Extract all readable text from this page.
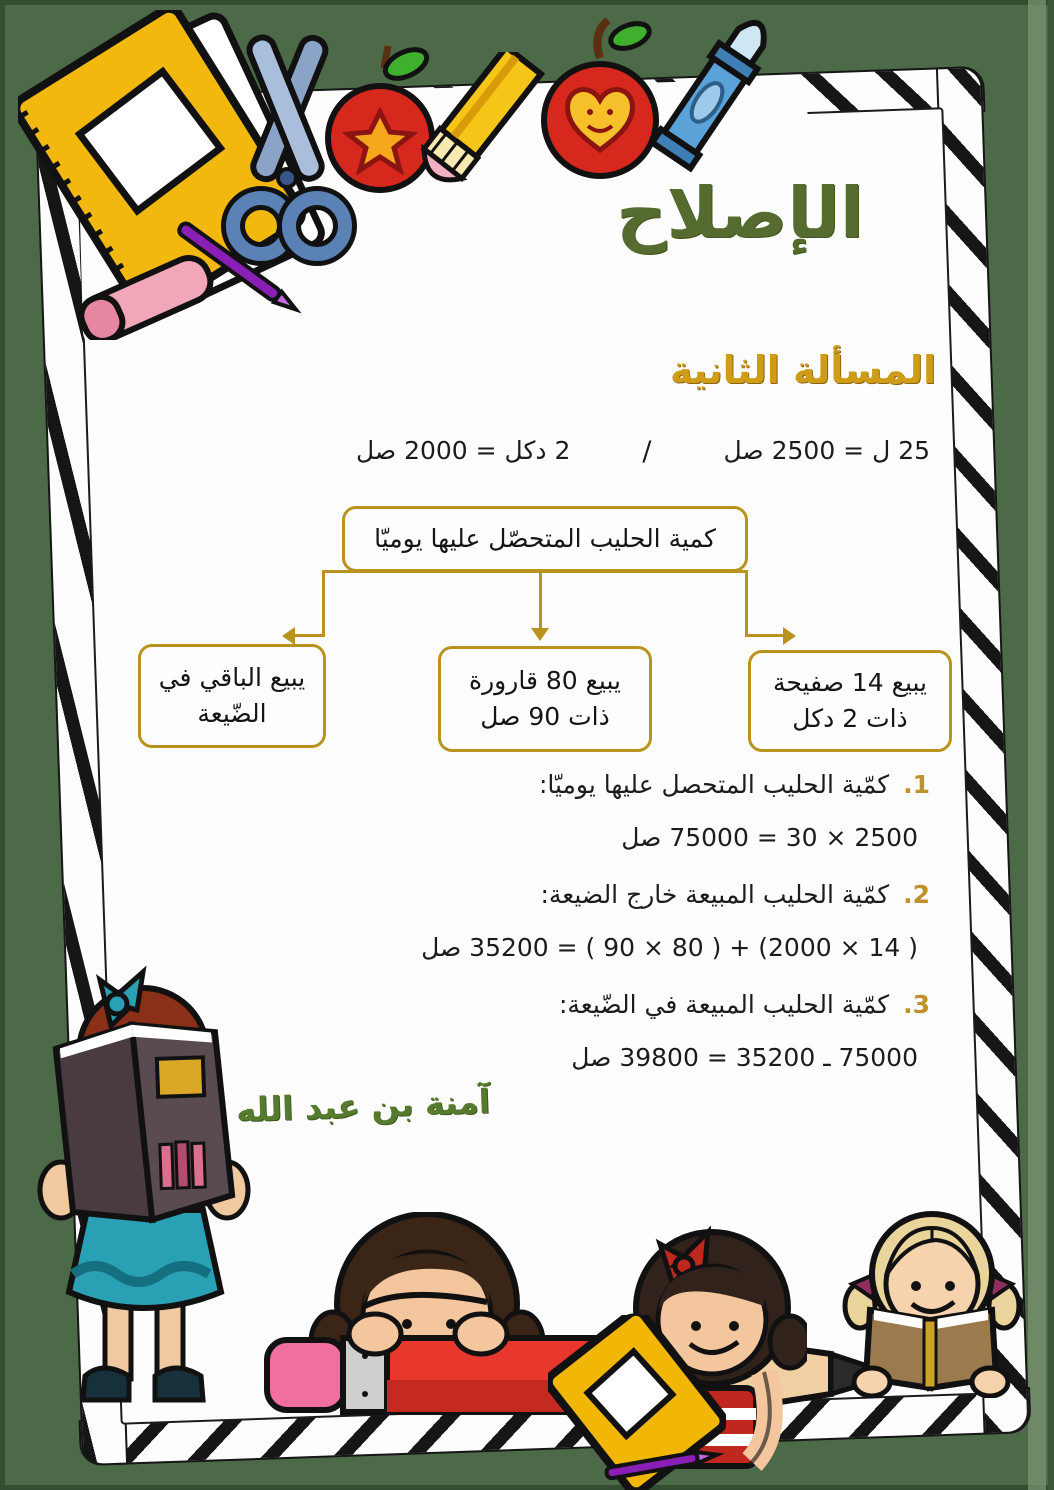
الإصلاح
المسألة الثانية
25 ل = 2500 صل
/
2 دكل = 2000 صل
كمية الحليب المتحصّل عليها يوميّا
يبيع 14 صفيحة
ذات 2 دكل
يبيع 80 قارورة
ذات 90 صل
يبيع الباقي في
الضّيعة

1. كمّية الحليب المتحصل عليها يوميّا:

2500 × 30 = 75000 صل

2. كمّية الحليب المبيعة خارج الضيعة:

( 14 × 2000) + ( 80 × 90 ) = 35200 صل

3. كمّية الحليب المبيعة في الضّيعة:

75000 ـ 35200 = 39800 صل

آمنة بن عبد الله
